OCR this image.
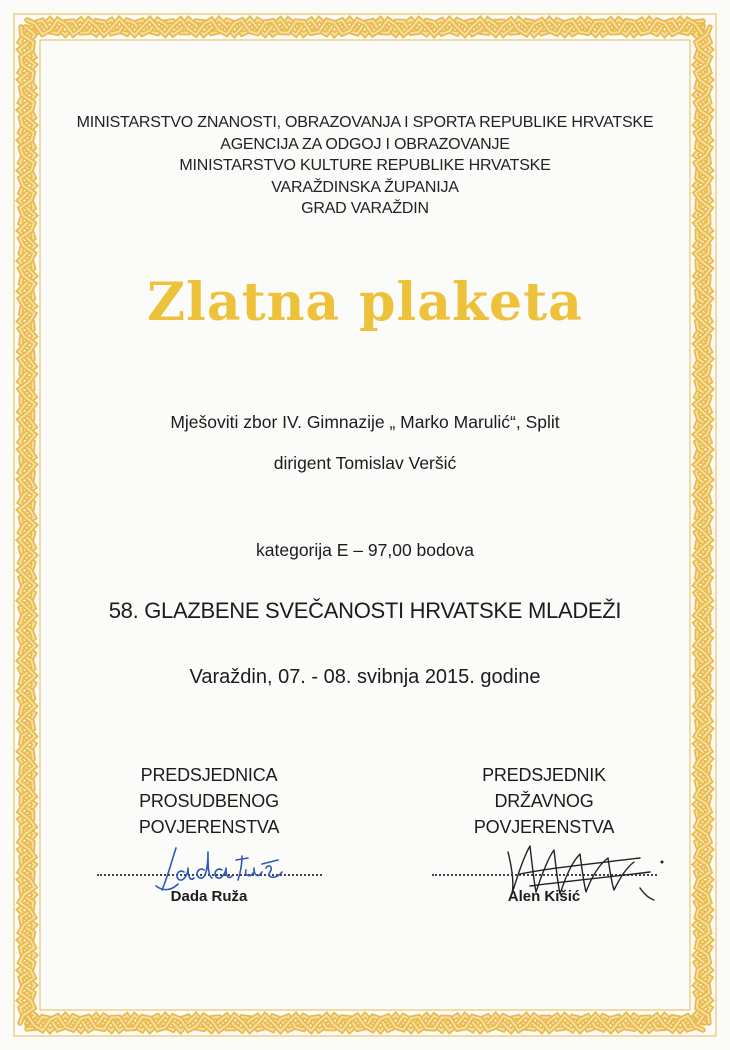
MINISTARSTVO ZNANOSTI, OBRAZOVANJA I SPORTA REPUBLIKE HRVATSKE
AGENCIJA ZA ODGOJ I OBRAZOVANJE
MINISTARSTVO KULTURE REPUBLIKE HRVATSKE
VARAŽDINSKA ŽUPANIJA
GRAD VARAŽDIN
Zlatna plaketa
Mješoviti zbor IV. Gimnazije „ Marko Marulić“, Split
dirigent Tomislav Veršić
kategorija E – 97,00 bodova
58. GLAZBENE SVEČANOSTI HRVATSKE MLADEŽI
Varaždin, 07. - 08. svibnja 2015. godine
PREDSJEDNICA
PROSUDBENOG
POVJERENSTVA
Dada Ruža
PREDSJEDNIK
DRŽAVNOG
POVJERENSTVA
Alen Kišić
